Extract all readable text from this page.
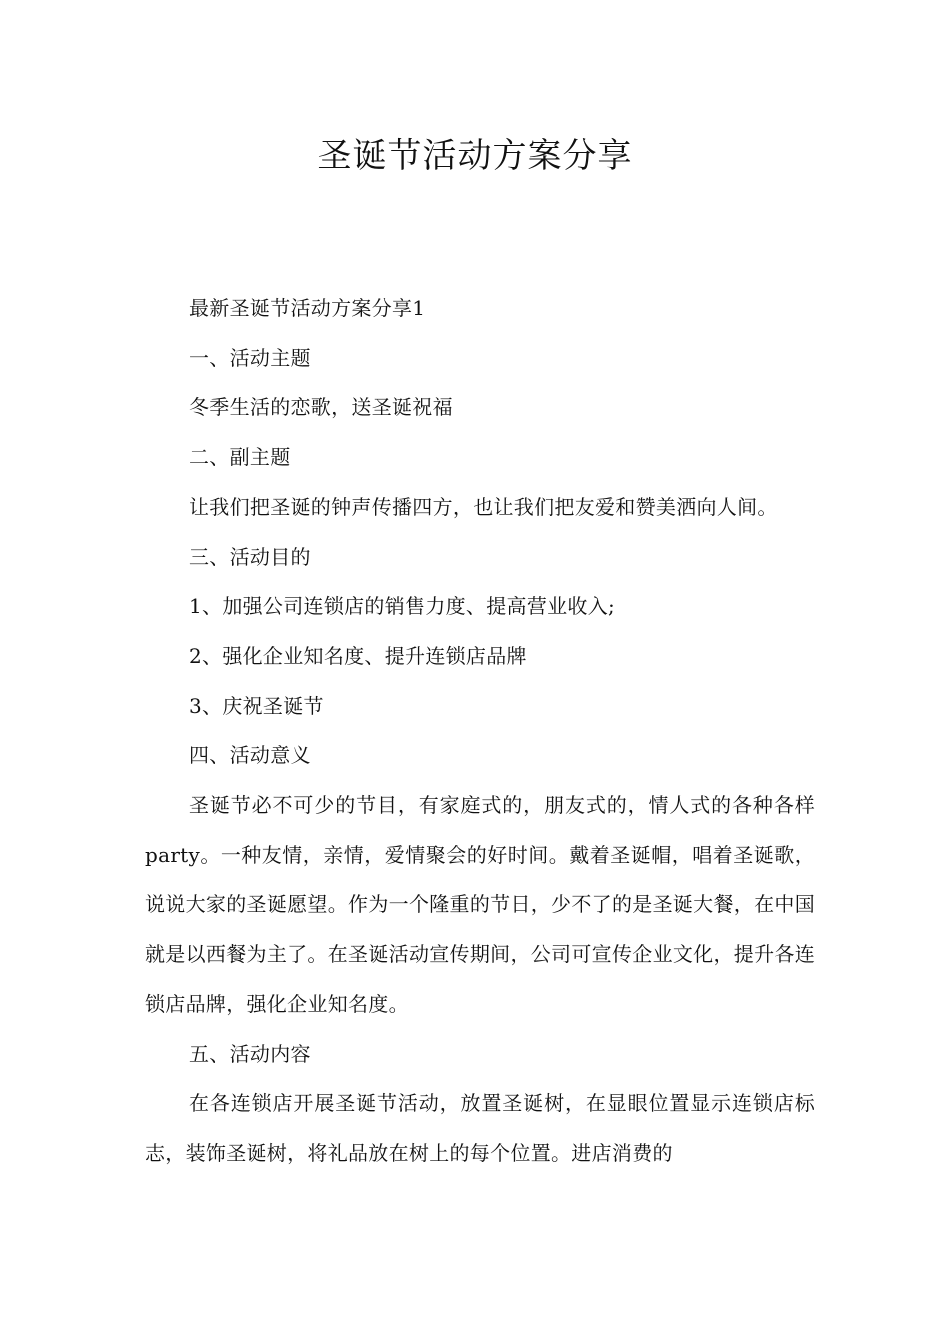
圣诞节活动方案分享

最新圣诞节活动方案分享1

一、活动主题

冬季生活的恋歌，送圣诞祝福

二、副主题

让我们把圣诞的钟声传播四方，也让我们把友爱和赞美洒向人间。

三、活动目的

1、加强公司连锁店的销售力度、提高营业收入;

2、强化企业知名度、提升连锁店品牌

3、庆祝圣诞节

四、活动意义

圣诞节必不可少的节目，有家庭式的，朋友式的，情人式的各种各样party。一种友情，亲情，爱情聚会的好时间。戴着圣诞帽，唱着圣诞歌，说说大家的圣诞愿望。作为一个隆重的节日，少不了的是圣诞大餐，在中国就是以西餐为主了。在圣诞活动宣传期间，公司可宣传企业文化，提升各连锁店品牌，强化企业知名度。

五、活动内容

在各连锁店开展圣诞节活动，放置圣诞树，在显眼位置显示连锁店标志，装饰圣诞树，将礼品放在树上的每个位置。进店消费的
